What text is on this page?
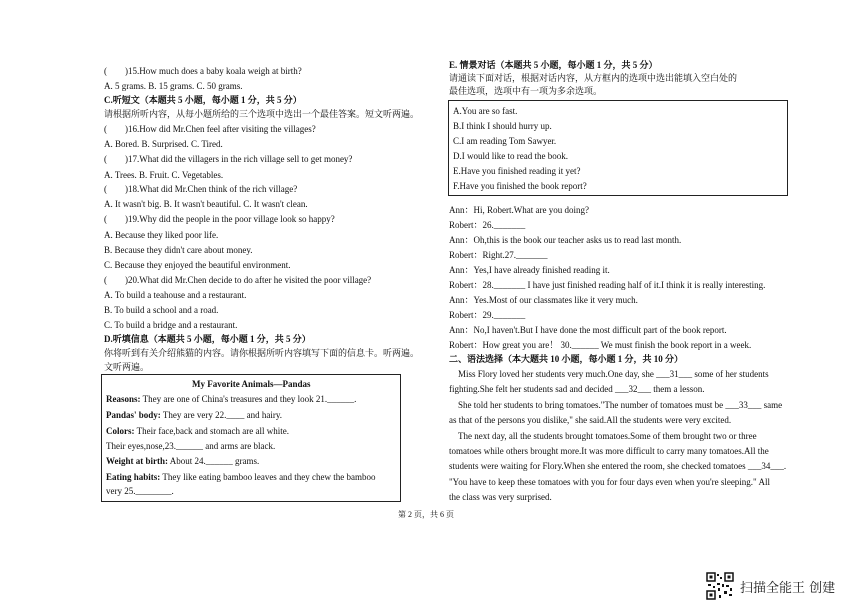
(　　)15.How much does a baby koala weigh at birth?
A. 5 grams. B. 15 grams. C. 50 grams.
C.听短文（本题共 5 小题，每小题 1 分，共 5 分）
请根据所听内容，从每小题所给的三个选项中选出一个最佳答案。短文听两遍。
(　　)16.How did Mr.Chen feel after visiting the villages?
A. Bored. B. Surprised. C. Tired.
(　　)17.What did the villagers in the rich village sell to get money?
A. Trees. B. Fruit. C. Vegetables.
(　　)18.What did Mr.Chen think of the rich village?
A. It wasn't big. B. It wasn't beautiful. C. It wasn't clean.
(　　)19.Why did the people in the poor village look so happy?
A. Because they liked poor life.
B. Because they didn't care about money.
C. Because they enjoyed the beautiful environment.
(　　)20.What did Mr.Chen decide to do after he visited the poor village?
A. To build a teahouse and a restaurant.
B. To build a school and a road.
C. To build a bridge and a restaurant.
D.听填信息（本题共 5 小题，每小题 1 分，共 5 分）
你将听到有关介绍熊猫的内容。请你根据所听内容填写下面的信息卡。听两遍。
文听两遍。
My Favorite Animals—Pandas
Reasons: They are one of China's treasures and they look 21.______.
Pandas' body: They are very 22.____ and hairy.
Colors: Their face,back and stomach are all white.
Their eyes,nose,23.______ and arms are black.
Weight at birth: About 24.______ grams.
Eating habits: They like eating bamboo leaves and they chew the bamboo
very 25.________.
E. 情景对话（本题共 5 小题，每小题 1 分，共 5 分）
请通读下面对话，根据对话内容，从方框内的选项中选出能填入空白处的
最佳选项，选项中有一项为多余选项。
A.You are so fast.
B.I think I should hurry up.
C.I am reading Tom Sawyer.
D.I would like to read the book.
E.Have you finished reading it yet?
F.Have you finished the book report?
Ann：Hi, Robert.What are you doing?
Robert：26._______
Ann：Oh,this is the book our teacher asks us to read last month.
Robert：Right.27._______
Ann：Yes,I have already finished reading it.
Robert：28._______ I have just finished reading half of it.I think it is really interesting.
Ann：Yes.Most of our classmates like it very much.
Robert：29._______
Ann：No,I haven't.But I have done the most difficult part of the book report.
Robert：How great you are！ 30.______ We must finish the book report in a week.
二、语法选择（本大题共 10 小题，每小题 1 分，共 10 分）
Miss Flory loved her students very much.One day, she ___31___ some of her students
fighting.She felt her students sad and decided ___32___ them a lesson.
She told her students to bring tomatoes."The number of tomatoes must be ___33___ same
as that of the persons you dislike," she said.All the students were very excited.
The next day, all the students brought tomatoes.Some of them brought two or three
tomatoes while others brought more.It was more difficult to carry many tomatoes.All the
students were waiting for Flory.When she entered the room, she checked tomatoes ___34___.
"You have to keep these tomatoes with you for four days even when you're sleeping." All
the class was very surprised.
第 2 页，共 6 页
扫描全能王 创建
